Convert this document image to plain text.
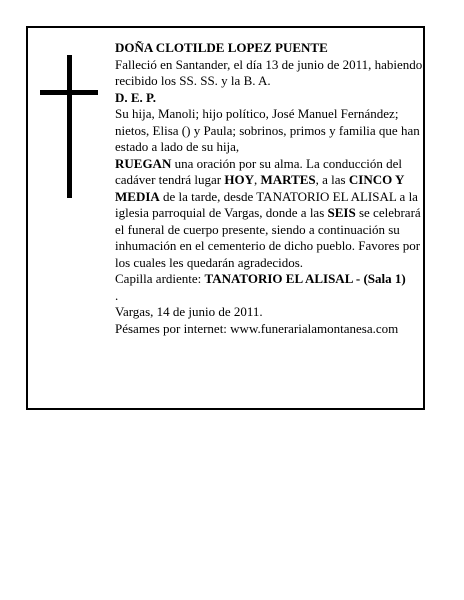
DOÑA CLOTILDE LOPEZ PUENTE

Falleció en Santander, el día 13 de junio de 2011, habiendo recibido los SS. SS. y la B. A.

D. E. P.

Su hija, Manoli; hijo político, José Manuel Fernández; nietos, Elisa () y Paula; sobrinos, primos y familia que han estado a lado de su hija,

RUEGAN una oración por su alma. La conducción del cadáver tendrá lugar HOY, MARTES, a las CINCO Y MEDIA de la tarde, desde TANATORIO EL ALISAL a la iglesia parroquial de Vargas, donde a las SEIS se celebrará el funeral de cuerpo presente, siendo a continuación su inhumación en el cementerio de dicho pueblo. Favores por los cuales les quedarán agradecidos.

Capilla ardiente: TANATORIO EL ALISAL - (Sala 1)

.

Vargas, 14 de junio de 2011.

Pésames por internet: www.funerarialamontanesa.com
